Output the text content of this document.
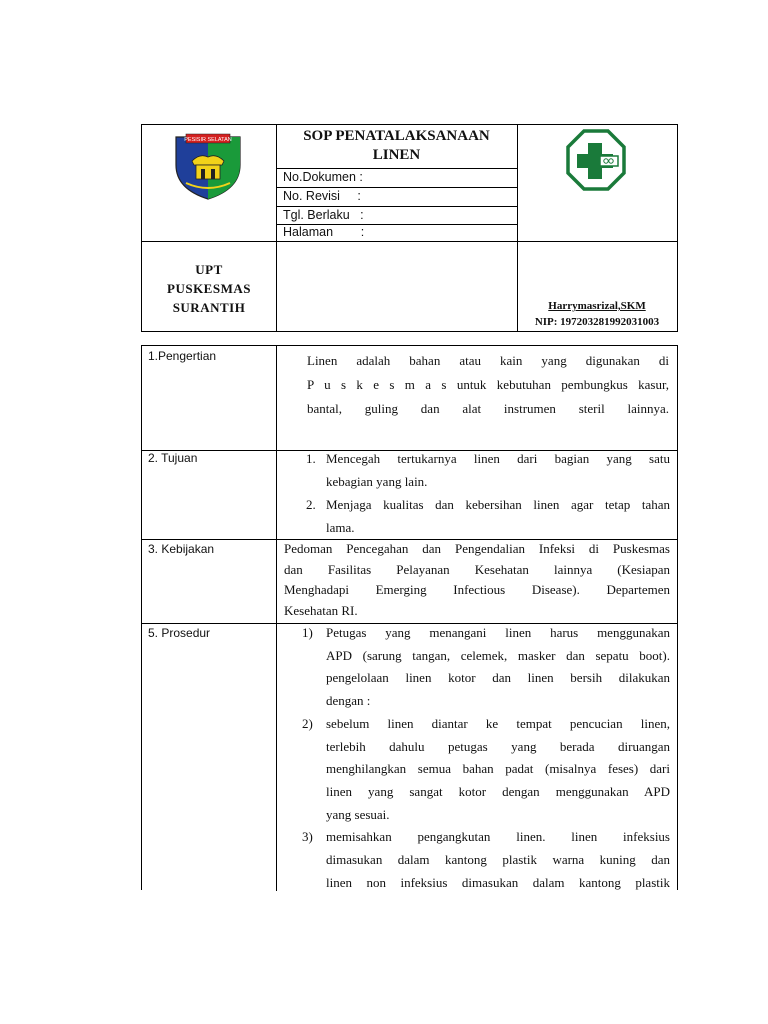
PESISIR SELATAN	SOP PENATALAKSANAAN
LINEN
No.Dokumen :
No. Revisi     :
Tgl. Berlaku   :
Halaman        :
UPT
PUSKESMAS
SURANTIH	Harrymasrizal,SKM
NIP: 197203281992031003
1.Pengertian	Linen adalah bahan atau kain yang digunakan di
P u s k e s m a s untuk kebutuhan pembungkus kasur,
bantal, guling dan alat instrumen steril lainnya.
2. Tujuan	1. Mencegah tertukarnya linen dari bagian yang satu
kebagian yang lain.
2. Menjaga kualitas dan kebersihan linen agar tetap tahan
lama.
3. Kebijakan	Pedoman Pencegahan dan Pengendalian Infeksi di Puskesmas
dan Fasilitas Pelayanan Kesehatan lainnya (Kesiapan
Menghadapi Emerging Infectious Disease). Departemen
Kesehatan RI.
5. Prosedur	1) Petugas yang menangani linen harus menggunakan
APD (sarung tangan, celemek, masker dan sepatu boot).
pengelolaan linen kotor dan linen bersih dilakukan
dengan :
2) sebelum linen diantar ke tempat pencucian linen,
terlebih dahulu petugas yang berada diruangan
menghilangkan semua bahan padat (misalnya feses) dari
linen yang sangat kotor dengan menggunakan APD
yang sesuai.
3) memisahkan pengangkutan linen. linen infeksius
dimasukan dalam kantong plastik warna kuning dan
linen non infeksius dimasukan dalam kantong plastik
